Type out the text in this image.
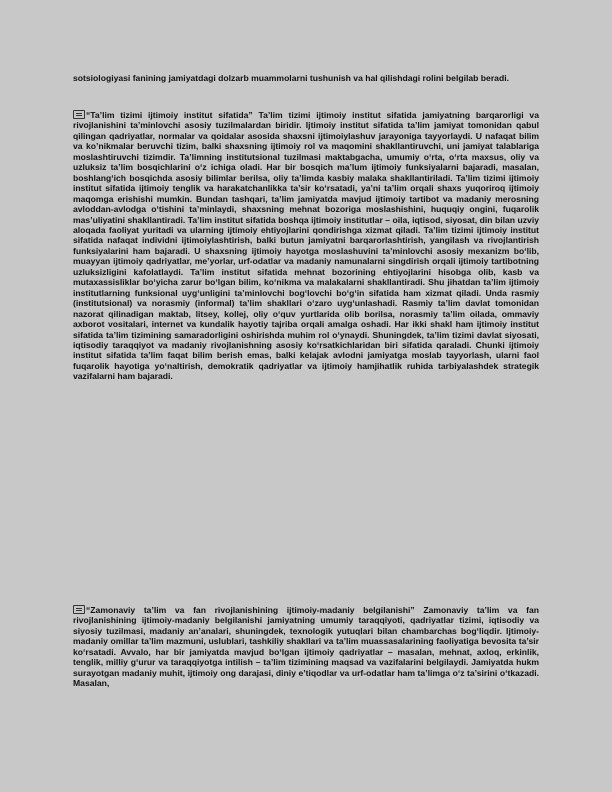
sotsiologiyasi fanining jamiyatdagi dolzarb muammolarni tushunish va hal qilishdagi rolini belgilab beradi.

“Ta’lim tizimi ijtimoiy institut sifatida” Ta’lim tizimi ijtimoiy institut sifatida jamiyatning barqarorligi va rivojlanishini ta’minlovchi asosiy tuzilmalardan biridir. Ijtimoiy institut sifatida ta’lim jamiyat tomonidan qabul qilingan qadriyatlar, normalar va qoidalar asosida shaxsni ijtimoiylashuv jarayoniga tayyorlaydi. U nafaqat bilim va ko’nikmalar beruvchi tizim, balki shaxsning ijtimoiy rol va maqomini shakllantiruvchi, uni jamiyat talablariga moslashtiruvchi tizimdir. Ta’limning institutsional tuzilmasi maktabgacha, umumiy o‘rta, o‘rta maxsus, oliy va uzluksiz ta’lim bosqichlarini o‘z ichiga oladi. Har bir bosqich ma’lum ijtimoiy funksiyalarni bajaradi, masalan, boshlang‘ich bosqichda asosiy bilimlar berilsa, oliy ta’limda kasbiy malaka shakllantiriladi. Ta’lim tizimi ijtimoiy institut sifatida ijtimoiy tenglik va harakatchanlikka ta’sir ko‘rsatadi, ya’ni ta’lim orqali shaxs yuqoriroq ijtimoiy maqomga erishishi mumkin. Bundan tashqari, ta’lim jamiyatda mavjud ijtimoiy tartibot va madaniy merosning avloddan-avlodga o‘tishini ta’minlaydi, shaxsning mehnat bozoriga moslashishini, huquqiy ongini, fuqarolik mas’uliyatini shakllantiradi. Ta’lim institut sifatida boshqa ijtimoiy institutlar – oila, iqtisod, siyosat, din bilan uzviy aloqada faoliyat yuritadi va ularning ijtimoiy ehtiyojlarini qondirishga xizmat qiladi. Ta’lim tizimi ijtimoiy institut sifatida nafaqat individni ijtimoiylashtirish, balki butun jamiyatni barqarorlashtirish, yangilash va rivojlantirish funksiyalarini ham bajaradi. U shaxsning ijtimoiy hayotga moslashuvini ta’minlovchi asosiy mexanizm bo‘lib, muayyan ijtimoiy qadriyatlar, me’yorlar, urf-odatlar va madaniy namunalarni singdirish orqali ijtimoiy tartibotning uzluksizligini kafolatlaydi. Ta’lim institut sifatida mehnat bozorining ehtiyojlarini hisobga olib, kasb va mutaxassisliklar bo‘yicha zarur bo‘lgan bilim, ko‘nikma va malakalarni shakllantiradi. Shu jihatdan ta’lim ijtimoiy institutlarning funksional uyg‘unligini ta’minlovchi bog‘lovchi bo‘g‘in sifatida ham xizmat qiladi. Unda rasmiy (institutsional) va norasmiy (informal) ta’lim shakllari o‘zaro uyg‘unlashadi. Rasmiy ta’lim davlat tomonidan nazorat qilinadigan maktab, litsey, kollej, oliy o‘quv yurtlarida olib borilsa, norasmiy ta’lim oilada, ommaviy axborot vositalari, internet va kundalik hayotiy tajriba orqali amalga oshadi. Har ikki shakl ham ijtimoiy institut sifatida ta’lim tizimining samaradorligini oshirishda muhim rol o‘ynaydi. Shuningdek, ta’lim tizimi davlat siyosati, iqtisodiy taraqqiyot va madaniy rivojlanishning asosiy ko‘rsatkichlaridan biri sifatida qaraladi. Chunki ijtimoiy institut sifatida ta’lim faqat bilim berish emas, balki kelajak avlodni jamiyatga moslab tayyorlash, ularni faol fuqarolik hayotiga yo‘naltirish, demokratik qadriyatlar va ijtimoiy hamjihatlik ruhida tarbiyalashdek strategik vazifalarni ham bajaradi.

“Zamonaviy ta’lim va fan rivojlanishining ijtimoiy-madaniy belgilanishi” Zamonaviy ta’lim va fan rivojlanishining ijtimoiy-madaniy belgilanishi jamiyatning umumiy taraqqiyoti, qadriyatlar tizimi, iqtisodiy va siyosiy tuzilmasi, madaniy an’analari, shuningdek, texnologik yutuqlari bilan chambarchas bog‘liqdir. Ijtimoiy-madaniy omillar ta’lim mazmuni, uslublari, tashkiliy shakllari va ta’lim muassasalarining faoliyatiga bevosita ta’sir ko‘rsatadi. Avvalo, har bir jamiyatda mavjud bo‘lgan ijtimoiy qadriyatlar – masalan, mehnat, axloq, erkinlik, tenglik, milliy g‘urur va taraqqiyotga intilish – ta’lim tizimining maqsad va vazifalarini belgilaydi. Jamiyatda hukm surayotgan madaniy muhit, ijtimoiy ong darajasi, diniy e’tiqodlar va urf-odatlar ham ta’limga o‘z ta’sirini o‘tkazadi. Masalan,
